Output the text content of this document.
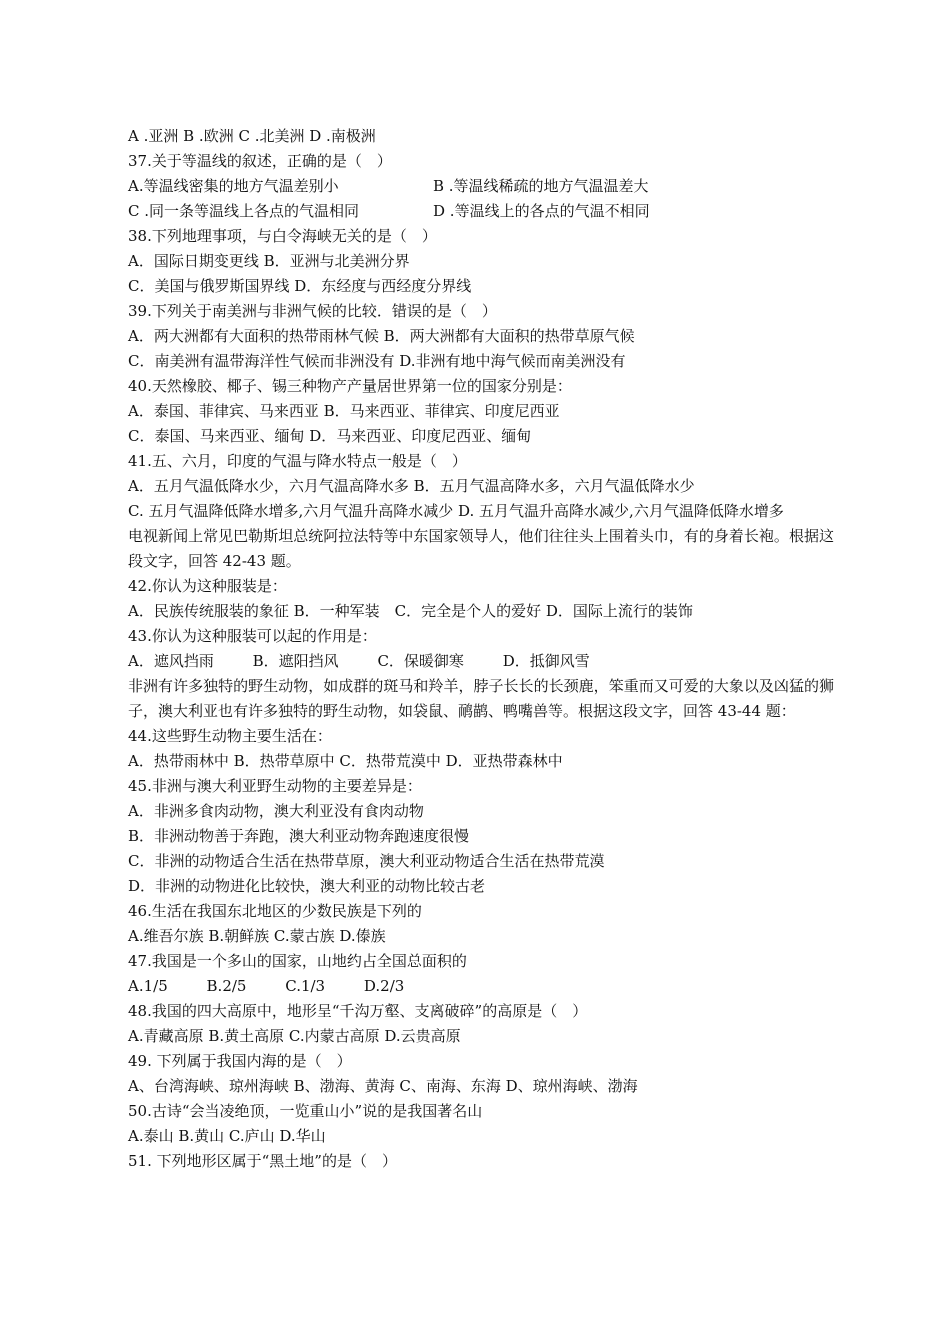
A .亚洲 B .欧洲 C .北美洲 D .南极洲
37.关于等温线的叙述，正确的是（　）
A.等温线密集的地方气温差别小	B .等温线稀疏的地方气温温差大
C .同一条等温线上各点的气温相同	D .等温线上的各点的气温不相同
38.下列地理事项，与白令海峡无关的是（　）
A．国际日期变更线 B．亚洲与北美洲分界
C．美国与俄罗斯国界线 D．东经度与西经度分界线
39.下列关于南美洲与非洲气候的比较．错误的是（　）
A．两大洲都有大面积的热带雨林气候 B．两大洲都有大面积的热带草原气候
C．南美洲有温带海洋性气候而非洲没有 D.非洲有地中海气候而南美洲没有
40.天然橡胶、椰子、锡三种物产产量居世界第一位的国家分别是：
A．泰国、菲律宾、马来西亚 B．马来西亚、菲律宾、印度尼西亚
C．泰国、马来西亚、缅甸 D．马来西亚、印度尼西亚、缅甸
41.五、六月，印度的气温与降水特点一般是（　）
A．五月气温低降水少，六月气温高降水多 B．五月气温高降水多，六月气温低降水少
C. 五月气温降低降水增多,六月气温升高降水减少 D. 五月气温升高降水减少,六月气温降低降水增多
电视新闻上常见巴勒斯坦总统阿拉法特等中东国家领导人，他们往往头上围着头巾，有的身着长袍。根据这段文字，回答 42-43 题。
42.你认为这种服装是：
A．民族传统服装的象征 B．一种军装　C．完全是个人的爱好 D．国际上流行的装饰
43.你认为这种服装可以起的作用是：
A．遮风挡雨	B．遮阳挡风	C．保暖御寒	D．抵御风雪
非洲有许多独特的野生动物，如成群的斑马和羚羊，脖子长长的长颈鹿，笨重而又可爱的大象以及凶猛的狮子，澳大利亚也有许多独特的野生动物，如袋鼠、鸸鹋、鸭嘴兽等。根据这段文字，回答 43-44 题：
44.这些野生动物主要生活在：
A．热带雨林中 B．热带草原中 C．热带荒漠中 D．亚热带森林中
45.非洲与澳大利亚野生动物的主要差异是：
A．非洲多食肉动物，澳大利亚没有食肉动物
B．非洲动物善于奔跑，澳大利亚动物奔跑速度很慢
C．非洲的动物适合生活在热带草原，澳大利亚动物适合生活在热带荒漠
D．非洲的动物进化比较快，澳大利亚的动物比较古老
46.生活在我国东北地区的少数民族是下列的
A.维吾尔族 B.朝鲜族 C.蒙古族 D.傣族
47.我国是一个多山的国家，山地约占全国总面积的
A.1/5	B.2/5	C.1/3	D.2/3
48.我国的四大高原中，地形呈“千沟万壑、支离破碎”的高原是（　）
A.青藏高原 B.黄土高原 C.内蒙古高原 D.云贵高原
49. 下列属于我国内海的是（　）
A、台湾海峡、琼州海峡 B、渤海、黄海 C、南海、东海 D、琼州海峡、渤海
50.古诗“会当凌绝顶，一览重山小”说的是我国著名山
A.泰山 B.黄山 C.庐山 D.华山
51. 下列地形区属于“黑土地”的是（　）
